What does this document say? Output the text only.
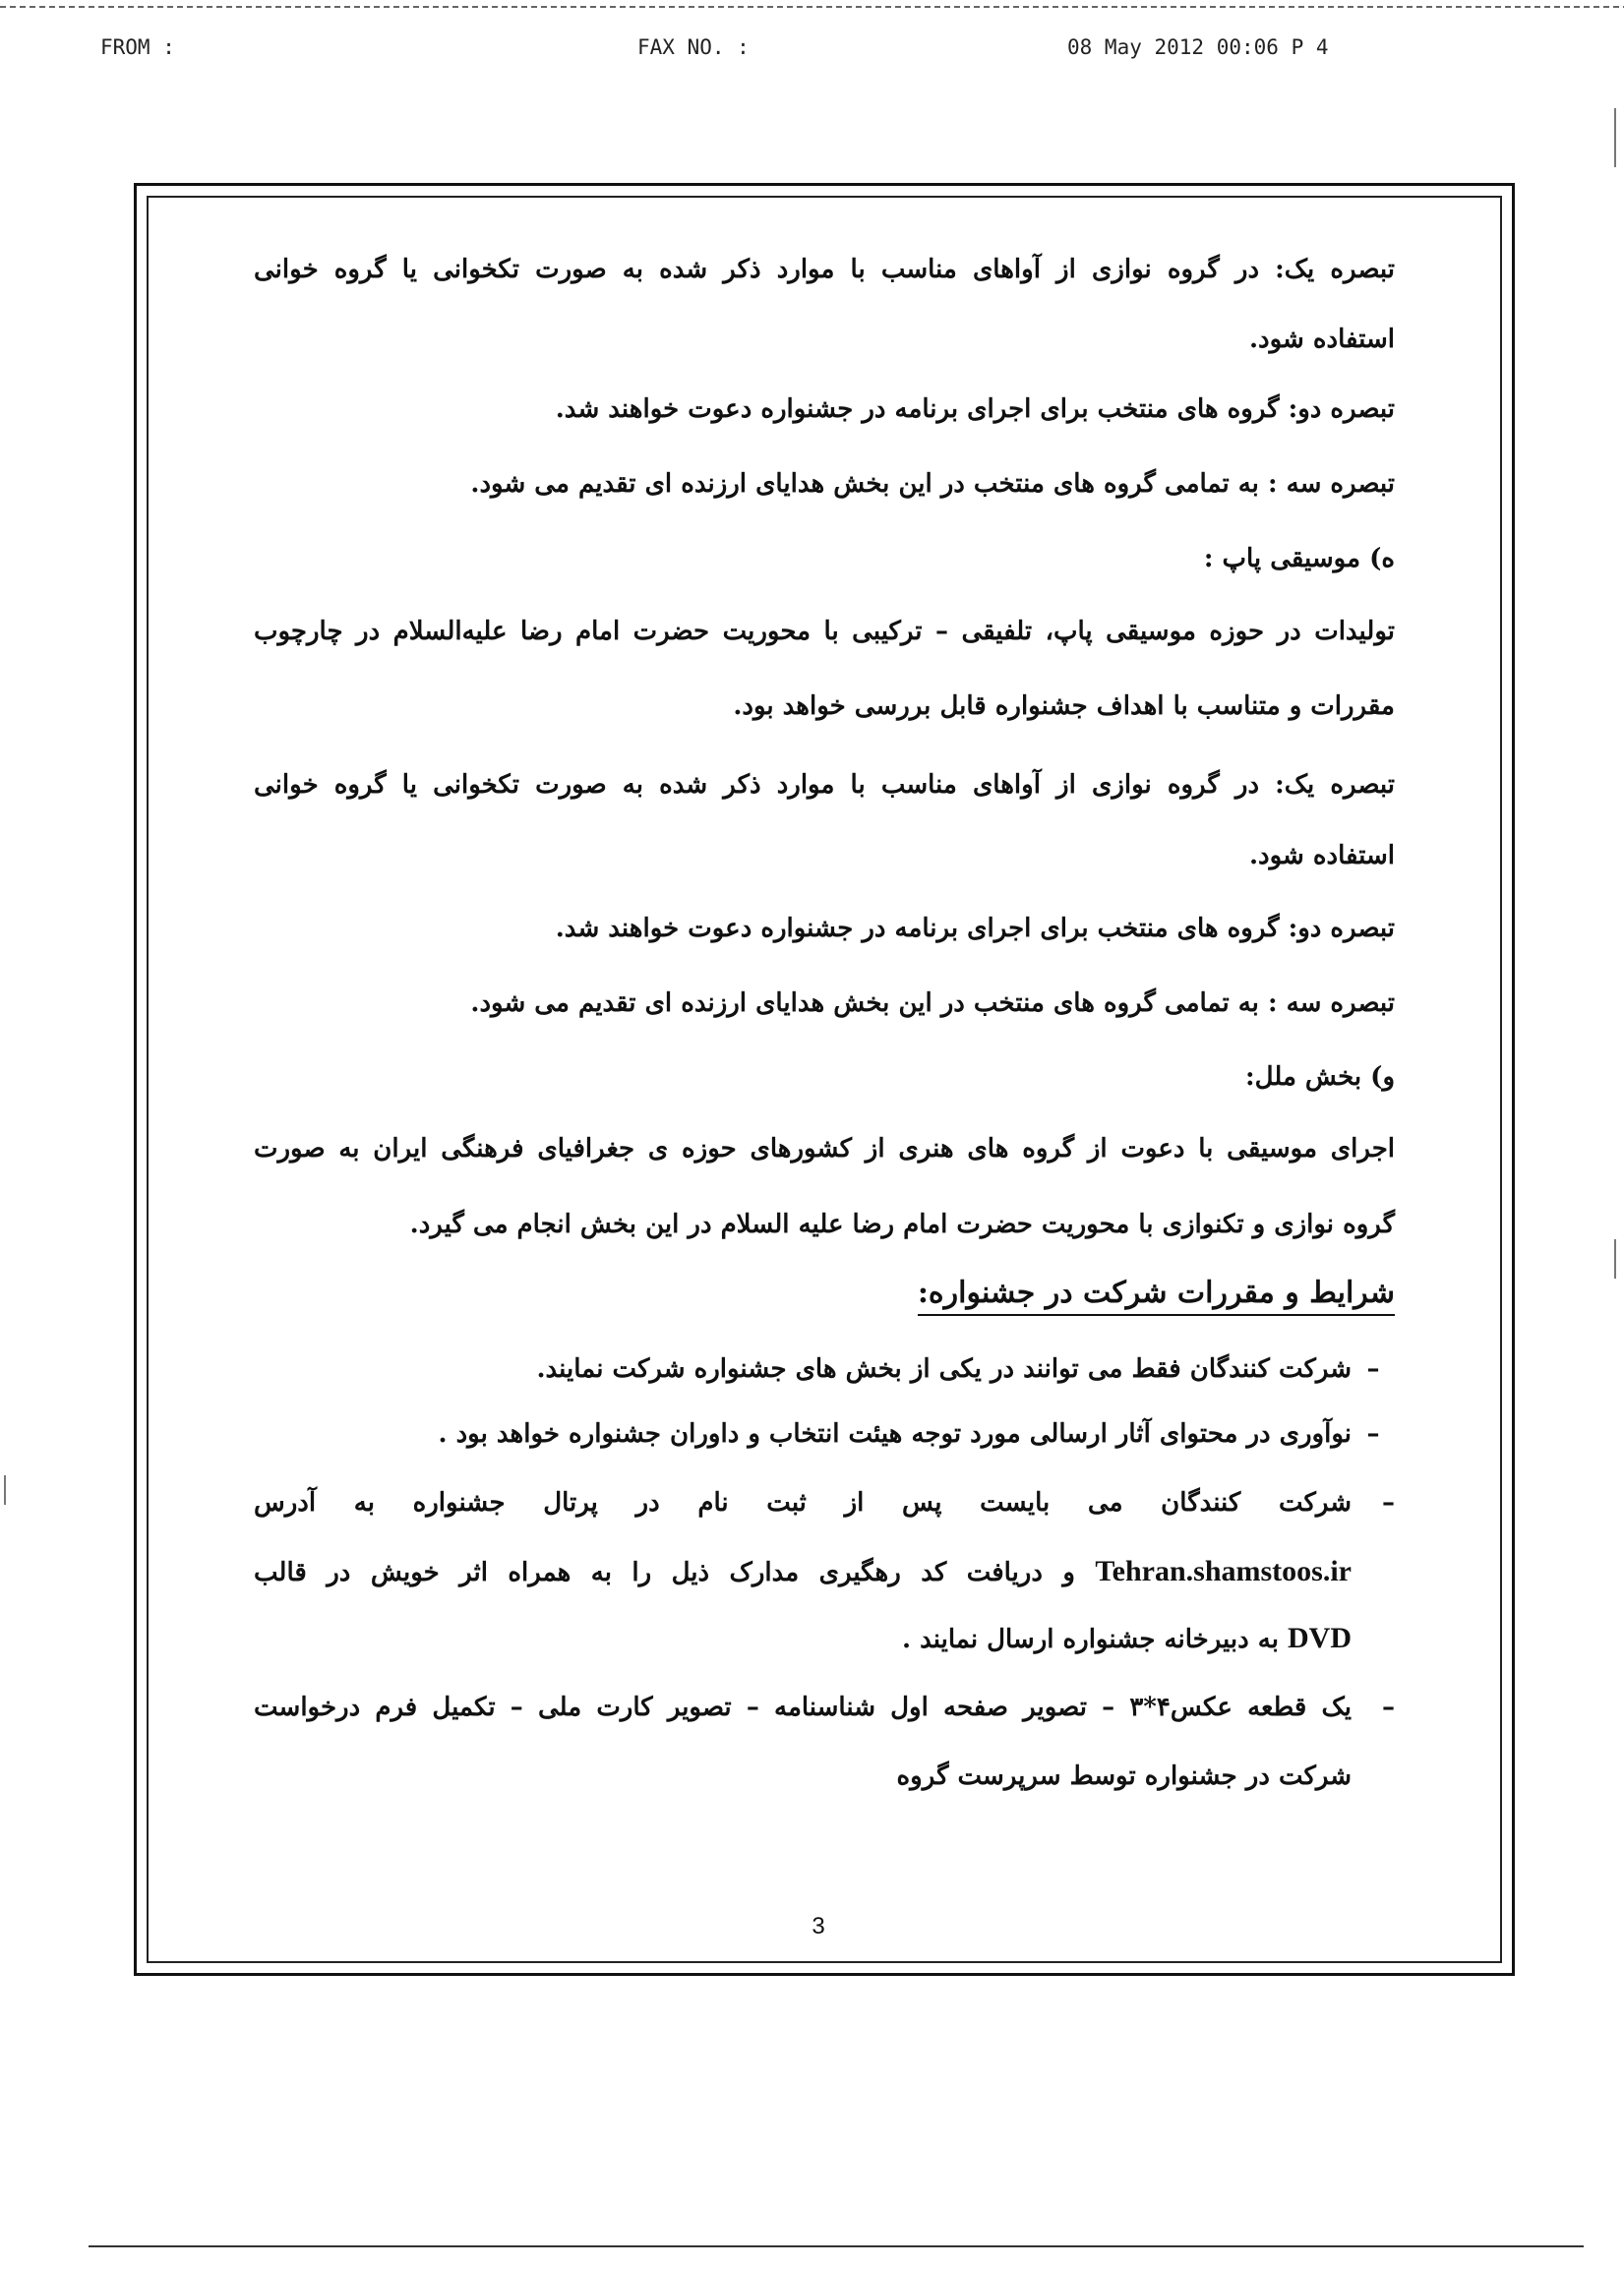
FROM :	FAX NO. :	08 May 2012 00:06 P 4
تبصره یک: در گروه نوازی از آواهای مناسب با موارد ذکر شده به صورت تکخوانی یا گروه خوانی
استفاده شود.
تبصره دو: گروه های منتخب برای اجرای برنامه در جشنواره دعوت خواهند شد.
تبصره سه : به تمامی گروه های منتخب در این بخش هدایای ارزنده ای تقدیم می شود.
ه) موسیقی پاپ :
تولیدات در حوزه موسیقی پاپ، تلفیقی – ترکیبی با محوریت حضرت امام رضا علیه‌السلام در چارچوب
مقررات و متناسب با اهداف جشنواره قابل بررسی خواهد بود.
تبصره یک: در گروه نوازی از آواهای مناسب با موارد ذکر شده به صورت تکخوانی یا گروه خوانی
استفاده شود.
تبصره دو: گروه های منتخب برای اجرای برنامه در جشنواره دعوت خواهند شد.
تبصره سه : به تمامی گروه های منتخب در این بخش هدایای ارزنده ای تقدیم می شود.
و) بخش ملل:
اجرای موسیقی با دعوت از گروه های هنری از کشورهای حوزه ی جغرافیای فرهنگی ایران به صورت
گروه نوازی و تکنوازی با محوریت حضرت امام رضا علیه السلام در این بخش انجام می گیرد.
شرایط و مقررات شرکت در جشنواره:
–شرکت کنندگان فقط می توانند در یکی از بخش های جشنواره شرکت نمایند.
–نوآوری در محتوای آثار ارسالی مورد توجه هیئت انتخاب و داوران جشنواره خواهد بود .
–شرکت کنندگان می بایست پس از ثبت نام در پرتال جشنواره به آدرس
Tehran.shamstoos.ir و دریافت کد رهگیری مدارک ذیل را به همراه اثر خویش در قالب
DVD به دبیرخانه جشنواره ارسال نمایند .
–یک قطعه عکس۴*۳ – تصویر صفحه اول شناسنامه – تصویر کارت ملی – تکمیل فرم درخواست
شرکت در جشنواره توسط سرپرست گروه
3
